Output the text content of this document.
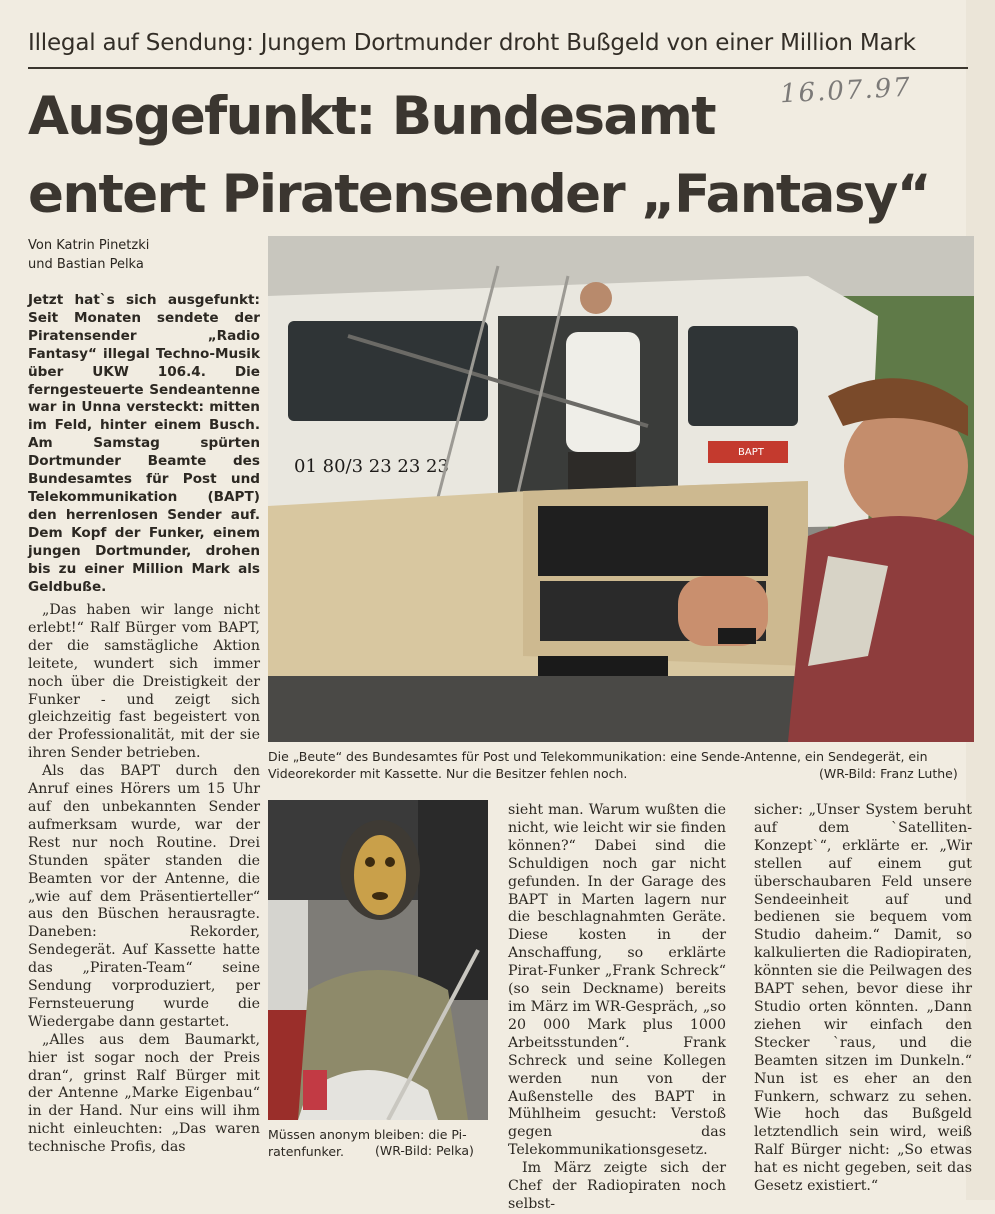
Illegal auf Sendung: Jungem Dortmunder droht Bußgeld von einer Million Mark
Ausgefunkt: Bundesamt
entert Piratensender „Fantasy“
16.07.97
Von Katrin Pinetzki
und Bastian Pelka
Jetzt hat`s sich ausgefunkt: Seit Monaten sendete der Piratensender „Radio Fantasy“ illegal Techno-Musik über UKW 106.4. Die ferngesteuerte Sendeantenne war in Unna versteckt: mitten im Feld, hinter einem Busch. Am Samstag spürten Dortmunder Beamte des Bundesamtes für Post und Telekommunikation (BAPT) den herrenlosen Sender auf. Dem Kopf der Funker, einem jungen Dortmunder, drohen bis zu einer Million Mark als Geldbuße.

„Das haben wir lange nicht erlebt!“ Ralf Bürger vom BAPT, der die samstägliche Aktion leitete, wundert sich immer noch über die Dreistigkeit der Funker - und zeigt sich gleichzeitig fast begeistert von der Professionalität, mit der sie ihren Sender betrieben.

Als das BAPT durch den Anruf eines Hörers um 15 Uhr auf den unbekannten Sender aufmerksam wurde, war der Rest nur noch Routine. Drei Stunden später standen die Beamten vor der Antenne, die „wie auf dem Präsentierteller“ aus den Büschen herausragte. Daneben: Rekorder, Sendegerät. Auf Kassette hatte das „Piraten-Team“ seine Sendung vorproduziert, per Fernsteuerung wurde die Wiedergabe dann gestartet.

„Alles aus dem Baumarkt, hier ist sogar noch der Preis dran“, grinst Ralf Bürger mit der Antenne „Marke Eigenbau“ in der Hand. Nur eins will ihm nicht einleuchten: „Das waren technische Profis, das

BAPT
01 80/3 23 23 23
Die „Beute“ des Bundesamtes für Post und Telekommunikation: eine Sende-Antenne, ein Sendegerät, ein Videorekorder mit Kassette. Nur die Besitzer fehlen noch.	(WR-Bild: Franz Luthe)
Müssen anonym bleiben: die Pi-
ratenfunker.	(WR-Bild: Pelka)

sieht man. Warum wußten die nicht, wie leicht wir sie finden können?“ Dabei sind die Schuldigen noch gar nicht gefunden. In der Garage des BAPT in Marten lagern nur die beschlagnahmten Geräte. Diese kosten in der Anschaffung, so erklärte Pirat-Funker „Frank Schreck“ (so sein Deckname) bereits im März im WR-Gespräch, „so 20 000 Mark plus 1000 Arbeitsstunden“. Frank Schreck und seine Kollegen werden nun von der Außenstelle des BAPT in Mühlheim gesucht: Verstoß gegen das Telekommunikationsgesetz.

Im März zeigte sich der Chef der Radiopiraten noch selbst-

sicher: „Unser System beruht auf dem `Satelliten-Konzept`“, erklärte er. „Wir stellen auf einem gut überschaubaren Feld unsere Sendeeinheit auf und bedienen sie bequem vom Studio daheim.“ Damit, so kalkulierten die Radiopiraten, könnten sie die Peilwagen des BAPT sehen, bevor diese ihr Studio orten könnten. „Dann ziehen wir einfach den Stecker `raus, und die Beamten sitzen im Dunkeln.“ Nun ist es eher an den Funkern, schwarz zu sehen. Wie hoch das Bußgeld letztendlich sein wird, weiß Ralf Bürger nicht: „So etwas hat es nicht gegeben, seit das Gesetz existiert.“
